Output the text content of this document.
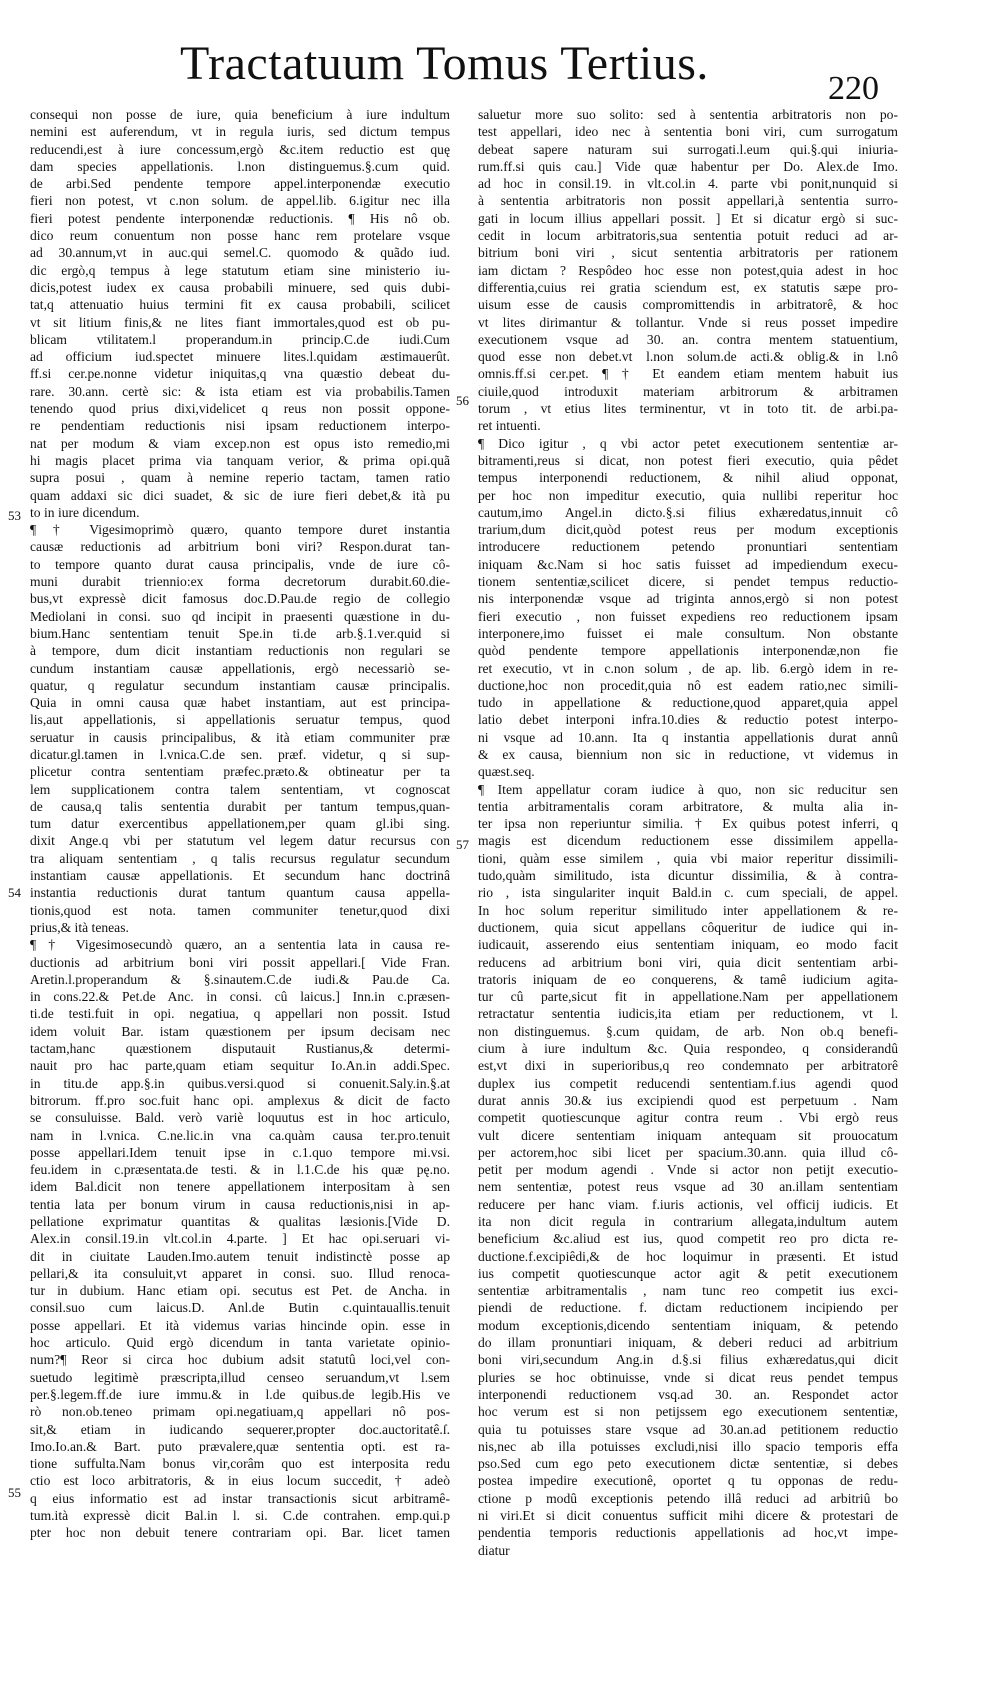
Tractatuum Tomus Tertius.	220
consequi non posse de iure, quia beneficium à iure indultum
nemini est auferendum, vt in regula iuris, sed dictum tempus
reducendi,est à iure concessum,ergò &c.item reductio est quę
dam species appellationis. l.non distinguemus.§.cum quid.
de arbi.Sed pendente tempore appel.interponendæ executio
fieri non potest, vt c.non solum. de appel.lib. 6.igitur nec illa
fieri potest pendente interponendæ reductionis. ¶ His nô ob.
dico reum conuentum non posse hanc rem protelare vsque
ad 30.annum,vt in auc.qui semel.C. quomodo & quãdo iud.
dic ergò,q tempus à lege statutum etiam sine ministerio iu-
dicis,potest iudex ex causa probabili minuere, sed quis dubi-
tat,q attenuatio huius termini fit ex causa probabili, scilicet
vt sit litium finis,& ne lites fiant immortales,quod est ob pu-
blicam vtilitatem.l properandum.in princip.C.de iudi.Cum
ad officium iud.spectet minuere lites.l.quidam æstimauerût.
ff.si cer.pe.nonne videtur iniquitas,q vna quæstio debeat du-
rare. 30.ann. certè sic: & ista etiam est via probabilis.Tamen
tenendo quod prius dixi,videlicet q reus non possit oppone-
re pendentiam reductionis nisi ipsam reductionem interpo-
nat per modum & viam excep.non est opus isto remedio,mi
hi magis placet prima via tanquam verior, & prima opi.quã
supra posui , quam à nemine reperio tactam, tamen ratio
quam addaxi sic dici suadet, & sic de iure fieri debet,& ità pu
to in iure dicendum.
¶ † Vigesimoprimò quæro, quanto tempore duret instantia
causæ reductionis ad arbitrium boni viri? Respon.durat tan-
to tempore quanto durat causa principalis, vnde de iure cô-
muni durabit triennio:ex forma decretorum durabit.60.die-
bus,vt expressè dicit famosus doc.D.Pau.de regio de collegio
Mediolani in consi. suo qd incipit in praesenti quæstione in du-
bium.Hanc sententiam tenuit Spe.in ti.de arb.§.1.ver.quid si
à tempore, dum dicit instantiam reductionis non regulari se
cundum instantiam causæ appellationis, ergò necessariò se-
quatur, q regulatur secundum instantiam causæ principalis.
Quia in omni causa quæ habet instantiam, aut est principa-
lis,aut appellationis, si appellationis seruatur tempus, quod
seruatur in causis principalibus, & ità etiam communiter præ
dicatur.gl.tamen in l.vnica.C.de sen. præf. videtur, q si sup-
plicetur contra sententiam præfec.præto.& obtineatur per ta
lem supplicationem contra talem sententiam, vt cognoscat
de causa,q talis sententia durabit per tantum tempus,quan-
tum datur exercentibus appellationem,per quam gl.ibi sing.
dixit Ange.q vbi per statutum vel legem datur recursus con
tra aliquam sententiam , q talis recursus regulatur secundum
instantiam causæ appellationis. Et secundum hanc doctrinâ
instantia reductionis durat tantum quantum causa appella-
tionis,quod est nota. tamen communiter tenetur,quod dixi
prius,& ità teneas.
¶ † Vigesimosecundò quæro, an a sententia lata in causa re-
ductionis ad arbitrium boni viri possit appellari.[ Vide Fran.
Aretin.l.properandum & §.sinautem.C.de iudi.& Pau.de Ca.
in cons.22.& Pet.de Anc. in consi. cû laicus.] Inn.in c.præsen-
ti.de testi.fuit in opi. negatiua, q appellari non possit. Istud
idem voluit Bar. istam quæstionem per ipsum decisam nec
tactam,hanc quæstionem disputauit Rustianus,& determi-
nauit pro hac parte,quam etiam sequitur Io.An.in addi.Spec.
in titu.de app.§.in quibus.versi.quod si conuenit.Saly.in.§.at
bitrorum. ff.pro soc.fuit hanc opi. amplexus & dicit de facto
se consuluisse. Bald. verò variè loquutus est in hoc articulo,
nam in l.vnica. C.ne.lic.in vna ca.quàm causa ter.pro.tenuit
posse appellari.Idem tenuit ipse in c.1.quo tempore mi.vsi.
feu.idem in c.præsentata.de testi. & in l.1.C.de his quæ pę.no.
idem Bal.dicit non tenere appellationem interpositam à sen
tentia lata per bonum virum in causa reductionis,nisi in ap-
pellatione exprimatur quantitas & qualitas læsionis.[Vide D.
Alex.in consil.19.in vlt.col.in 4.parte. ] Et hac opi.seruari vi-
dit in ciuitate Lauden.Imo.autem tenuit indistinctè posse ap
pellari,& ita consuluit,vt apparet in consi. suo. Illud renoca-
tur in dubium. Hanc etiam opi. secutus est Pet. de Ancha. in
consil.suo cum laicus.D. Anl.de Butin c.quintauallis.tenuit
posse appellari. Et ità videmus varias hincinde opin. esse in
hoc articulo. Quid ergò dicendum in tanta varietate opinio-
num?¶ Reor si circa hoc dubium adsit statutû loci,vel con-
suetudo legitimè præscripta,illud censeo seruandum,vt l.sem
per.§.legem.ff.de iure immu.& in l.de quibus.de legib.His ve
rò non.ob.teneo primam opi.negatiuam,q appellari nô pos-
sit,& etiam in iudicando sequerer,propter doc.auctoritatê.ſ.
Imo.Io.an.& Bart. puto prævalere,quæ sententia opti. est ra-
tione suffulta.Nam bonus vir,corâm quo est interposita redu
ctio est loco arbitratoris, & in eius locum succedit, † adeò
q eius informatio est ad instar transactionis sicut arbitramê-
tum.ità expressè dicit Bal.in l. si. C.de contrahen. emp.qui.p
pter hoc non debuit tenere contrariam opi. Bar. licet tamen
saluetur more suo solito: sed à sententia arbitratoris non po-
test appellari, ideo nec à sententia boni viri, cum surrogatum
debeat sapere naturam sui surrogati.l.eum qui.§.qui iniuria-
rum.ff.si quis cau.] Vide quæ habentur per Do. Alex.de Imo.
ad hoc in consil.19. in vlt.col.in 4. parte vbi ponit,nunquid si
à sententia arbitratoris non possit appellari,à sententia surro-
gati in locum illius appellari possit. ] Et si dicatur ergò si suc-
cedit in locum arbitratoris,sua sententia potuit reduci ad ar-
bitrium boni viri , sicut sententia arbitratoris per rationem
iam dictam ? Respôdeo hoc esse non potest,quia adest in hoc
differentia,cuius rei gratia sciendum est, ex statutis sæpe pro-
uisum esse de causis compromittendis in arbitratorê, & hoc
vt lites dirimantur & tollantur. Vnde si reus posset impedire
executionem vsque ad 30. an. contra mentem statuentium,
quod esse non debet.vt l.non solum.de acti.& oblig.& in l.nô
omnis.ff.si cer.pet. ¶ † Et eandem etiam mentem habuit ius
ciuile,quod introduxit materiam arbitrorum & arbitramen
torum , vt etius lites terminentur, vt in toto tit. de arbi.pa-
ret intuenti.
¶ Dico igitur , q vbi actor petet executionem sententiæ ar-
bitramenti,reus si dicat, non potest fieri executio, quia pêdet
tempus interponendi reductionem, & nihil aliud opponat,
per hoc non impeditur executio, quia nullibi reperitur hoc
cautum,imo Angel.in dicto.§.si filius exhæredatus,innuit cô
trarium,dum dicit,quòd potest reus per modum exceptionis
introducere reductionem petendo pronuntiari sententiam
iniquam &c.Nam si hoc satis fuisset ad impediendum execu-
tionem sententiæ,scilicet dicere, si pendet tempus reductio-
nis interponendæ vsque ad triginta annos,ergò si non potest
fieri executio , non fuisset expediens reo reductionem ipsam
interponere,imo fuisset ei male consultum. Non obstante
quòd pendente tempore appellationis interponendæ,non fie
ret executio, vt in c.non solum , de ap. lib. 6.ergò idem in re-
ductione,hoc non procedit,quia nô est eadem ratio,nec simili-
tudo in appellatione & reductione,quod apparet,quia appel
latio debet interponi infra.10.dies & reductio potest interpo-
ni vsque ad 10.ann. Ita q instantia appellationis durat annû
& ex causa, biennium non sic in reductione, vt videmus in
quæst.seq.
¶ Item appellatur coram iudice à quo, non sic reducitur sen
tentia arbitramentalis coram arbitratore, & multa alia in-
ter ipsa non reperiuntur similia. † Ex quibus potest inferri, q
magis est dicendum reductionem esse dissimilem appella-
tioni, quàm esse similem , quia vbi maior reperitur dissimili-
tudo,quàm similitudo, ista dicuntur dissimilia, & à contra-
rio , ista singulariter inquit Bald.in c. cum speciali, de appel.
In hoc solum reperitur similitudo inter appellationem & re-
ductionem, quia sicut appellans côqueritur de iudice qui in-
iudicauit, asserendo eius sententiam iniquam, eo modo facit
reducens ad arbitrium boni viri, quia dicit sententiam arbi-
tratoris iniquam de eo conquerens, & tamê iudicium agita-
tur cû parte,sicut fit in appellatione.Nam per appellationem
retractatur sententia iudicis,ita etiam per reductionem, vt l.
non distinguemus. §.cum quidam, de arb. Non ob.q benefi-
cium à iure indultum &c. Quia respondeo, q considerandû
est,vt dixi in superioribus,q reo condemnato per arbitratorê
duplex ius competit reducendi sententiam.f.ius agendi quod
durat annis 30.& ius excipiendi quod est perpetuum . Nam
competit quotiescunque agitur contra reum . Vbi ergò reus
vult dicere sententiam iniquam antequam sit prouocatum
per actorem,hoc sibi licet per spacium.30.ann. quia illud cô-
petit per modum agendi . Vnde si actor non petijt executio-
nem sententiæ, potest reus vsque ad 30 an.illam sententiam
reducere per hanc viam. f.iuris actionis, vel officij iudicis. Et
ita non dicit regula in contrarium allegata,indultum autem
beneficium &c.aliud est ius, quod competit reo pro dicta re-
ductione.f.excipiêdi,& de hoc loquimur in præsenti. Et istud
ius competit quotiescunque actor agit & petit executionem
sententiæ arbitramentalis , nam tunc reo competit ius exci-
piendi de reductione. f. dictam reductionem incipiendo per
modum exceptionis,dicendo sententiam iniquam, & petendo
do illam pronuntiari iniquam, & deberi reduci ad arbitrium
boni viri,secundum Ang.in d.§.si filius exhæredatus,qui dicit
pluries se hoc obtinuisse, vnde si dicat reus pendet tempus
interponendi reductionem vsq.ad 30. an. Respondet actor
hoc verum est si non petijssem ego executionem sententiæ,
quia tu potuisses stare vsque ad 30.an.ad petitionem reductio
nis,nec ab illa potuisses excludi,nisi illo spacio temporis effa
pso.Sed cum ego peto executionem dictæ sententiæ, si debes
postea impedire executionê, oportet q tu opponas de redu-
ctione p modû exceptionis petendo illâ reduci ad arbitriû bo
ni viri.Et si dicit conuentus sufficit mihi dicere & protestari de
pendentia temporis reductionis appellationis ad hoc,vt impe-
diatur
53
54
55
56
57
